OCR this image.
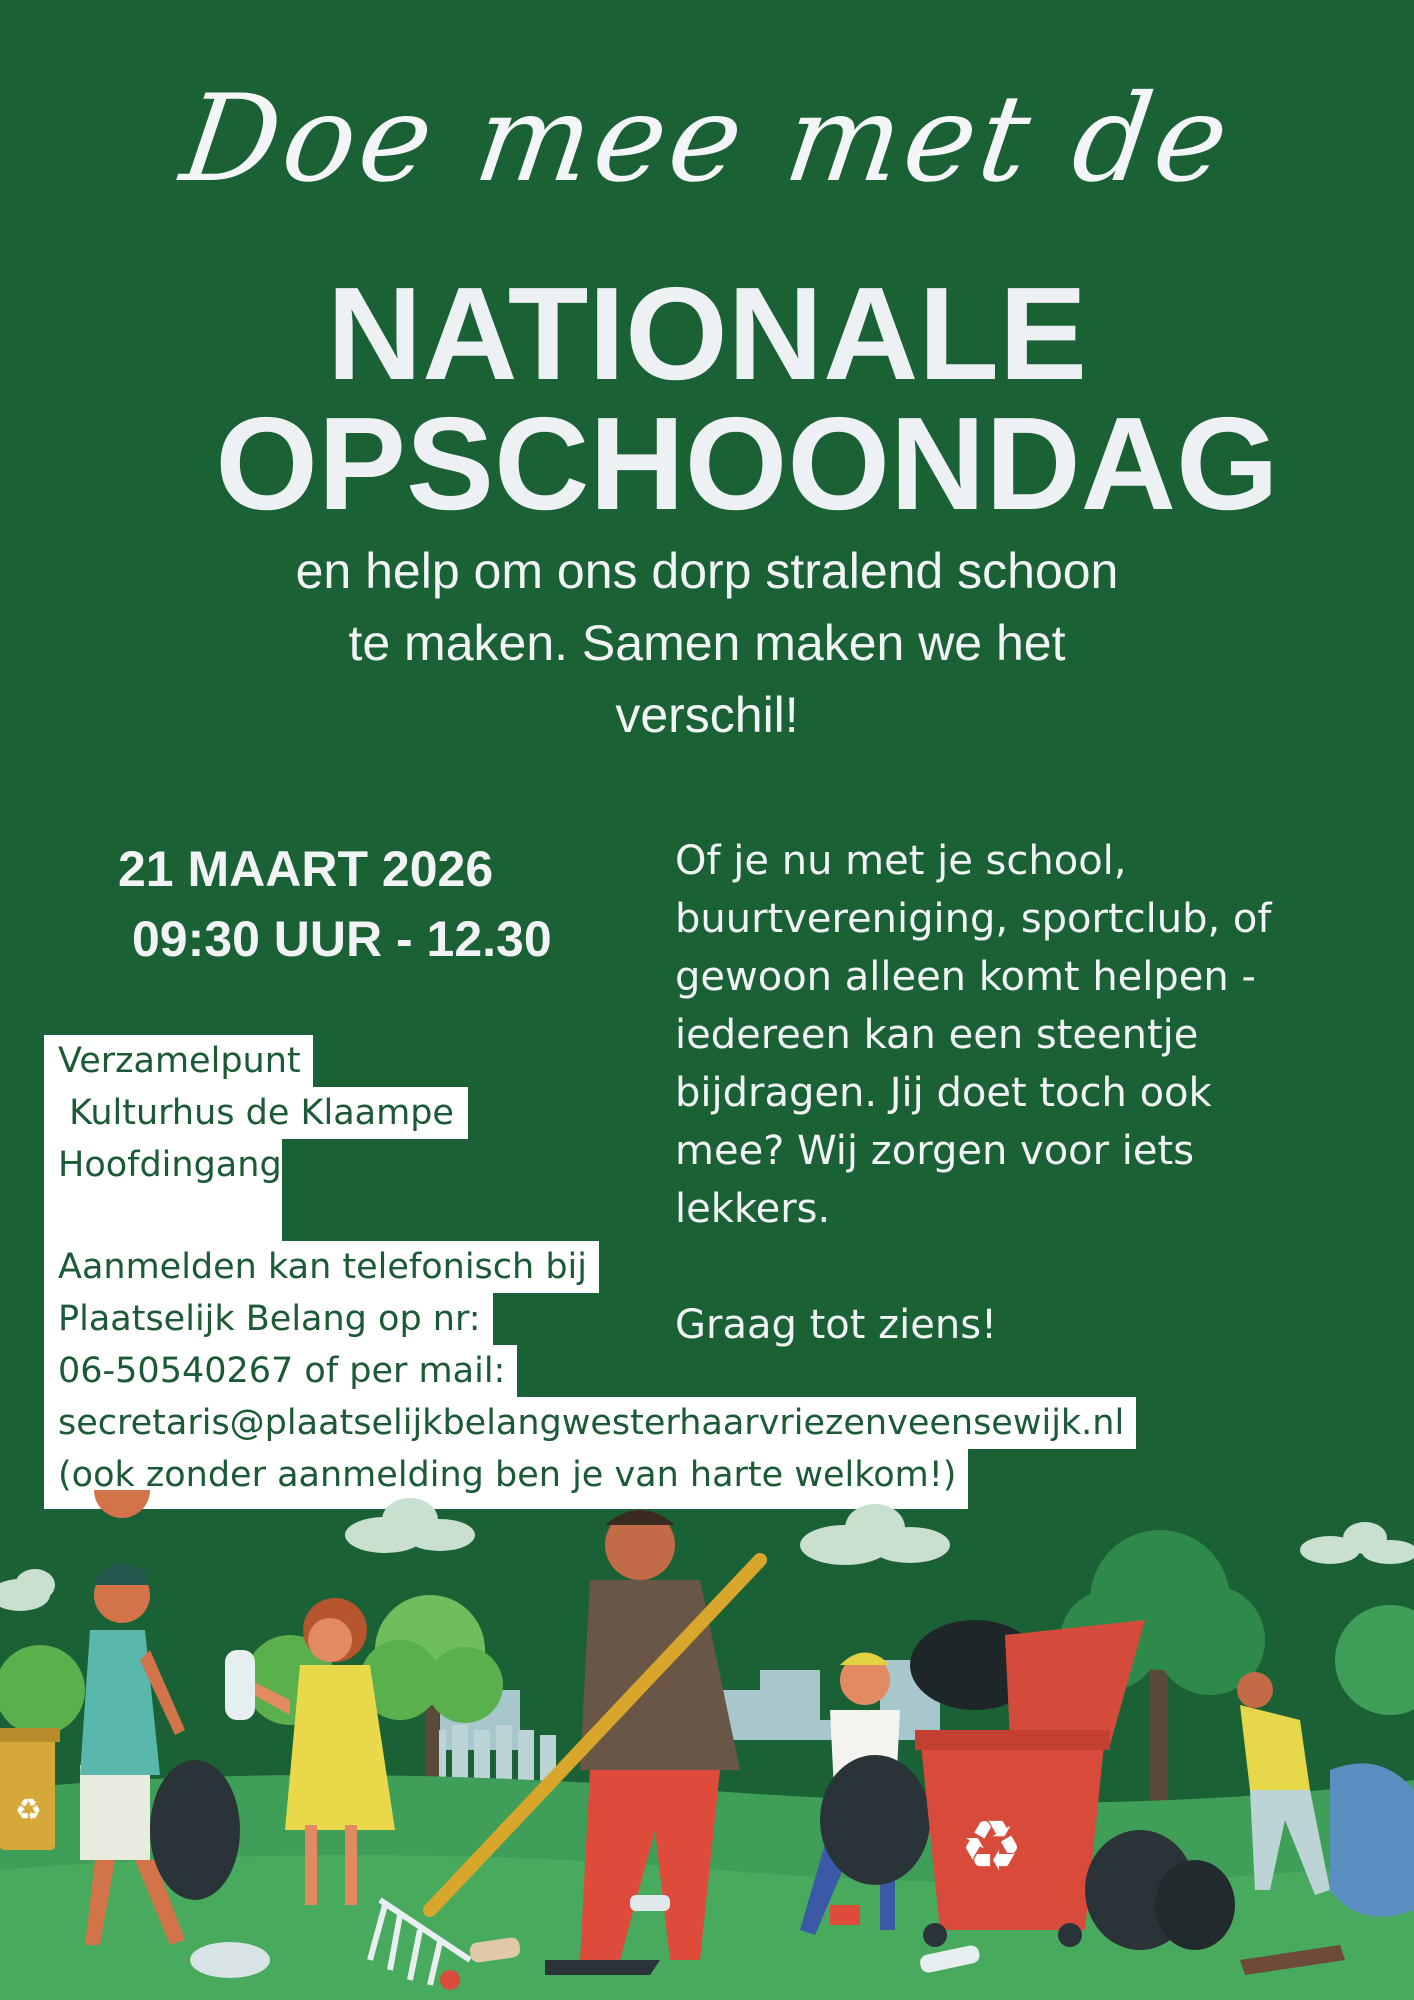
Doe mee met de
NATIONALE
OPSCHOONDAG
en help om ons dorp stralend schoon
te maken. Samen maken we het
verschil!
21 MAART 2026
09:30 UUR - 12.30
Verzamelpunt
Kulturhus de Klaampe
Hoofdingang
Aanmelden kan telefonisch bij
Plaatselijk Belang op nr:
06-50540267 of per mail:
secretaris@plaatselijkbelangwesterhaarvriezenveensewijk.nl
(ook zonder aanmelding ben je van harte welkom!)

Of je nu met je school,

buurtvereniging, sportclub, of

gewoon alleen komt helpen -

iedereen kan een steentje

bijdragen. Jij doet toch ook

mee? Wij zorgen voor iets

lekkers.

Graag tot ziens!

♻	♻
